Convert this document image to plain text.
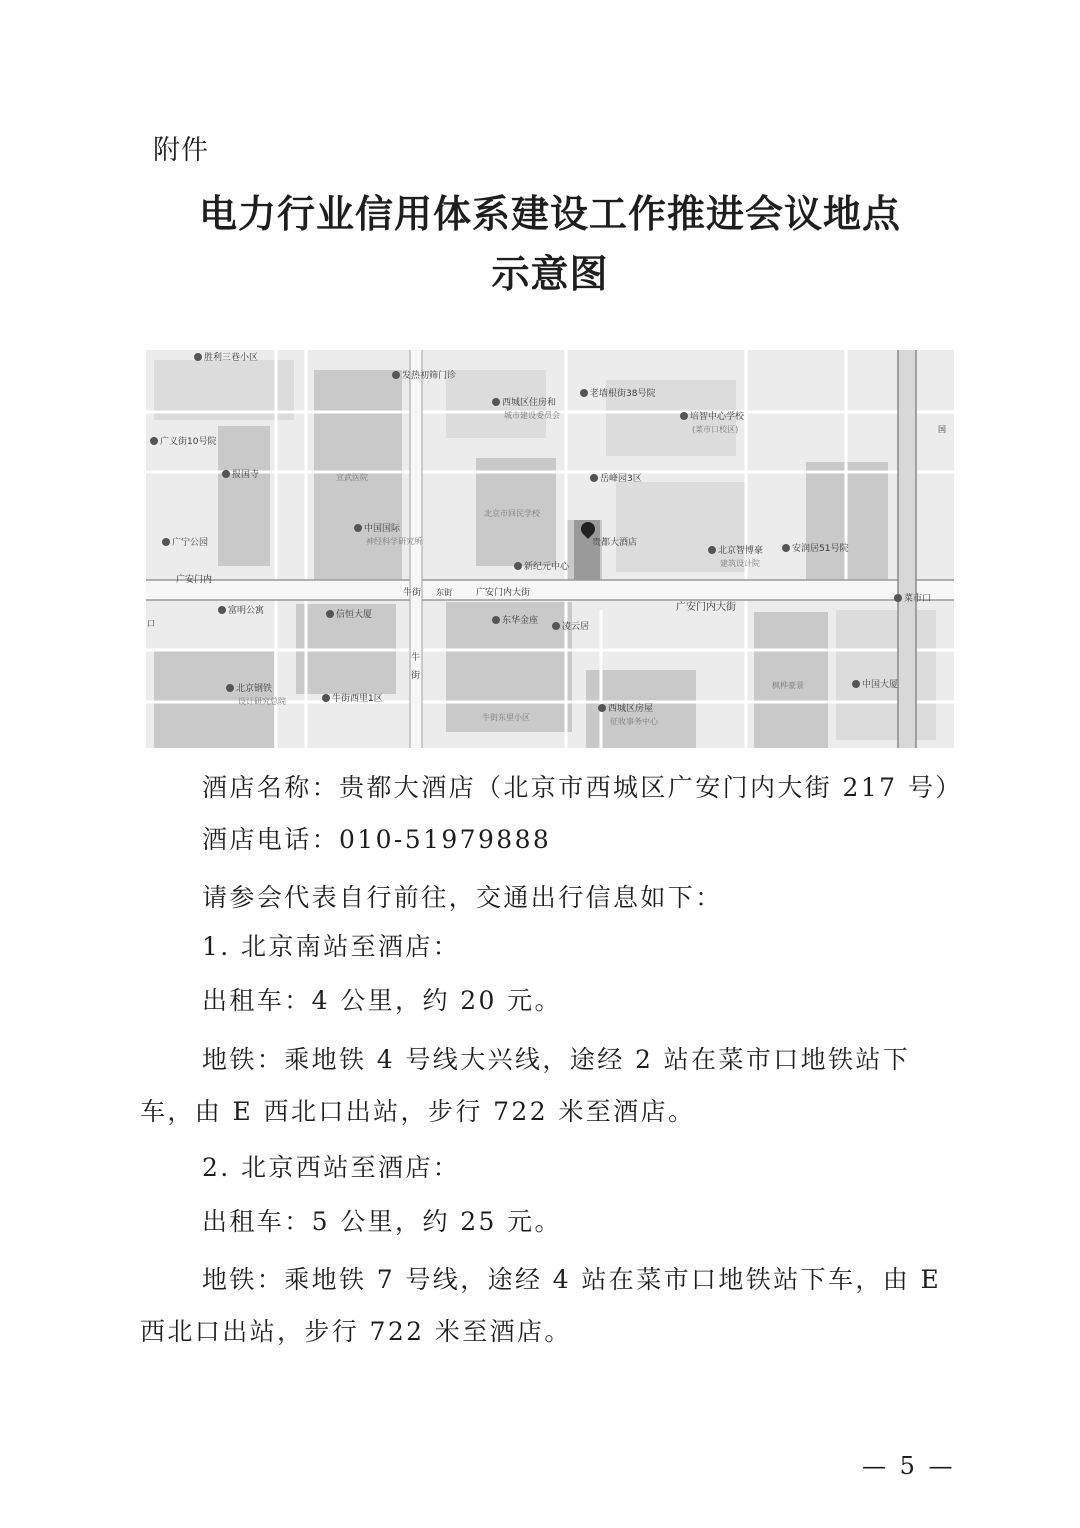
附件
电力行业信用体系建设工作推进会议地点
示意图
胜利三巷小区
发热初筛门诊
老墙根街38号院
西城区住房和
城市建设委员会	培智中心学校
(菜市口校区)
广义街10号院
报国寺	宣武医院	岳峰园3区
北京市回民学校
中国国际
神经科学研究所	贵都大酒店
北京智博豪
建筑设计院
安润居51号院
广宁公园
新纪元中心
富明公寓	信恒大厦
东华金座
凌云居
北京钢铁
设计研究总院	牛街西里1区
西城区房屋
征收事务中心
牛街东里小区
枫桦豪景	中国大厦
菜市口
广安门内大街
广安门内大街
广安门内
牛街
牛
街
东街
口
国
酒店名称：贵都大酒店（北京市西城区广安门内大街 217 号）
酒店电话：010-51979888
请参会代表自行前往，交通出行信息如下：
1. 北京南站至酒店：
出租车：4 公里，约 20 元。
地铁：乘地铁 4 号线大兴线，途经 2 站在菜市口地铁站下
车，由 E 西北口出站，步行 722 米至酒店。
2. 北京西站至酒店：
出租车：5 公里，约 25 元。
地铁：乘地铁 7 号线，途经 4 站在菜市口地铁站下车，由 E
西北口出站，步行 722 米至酒店。
— 5 —
